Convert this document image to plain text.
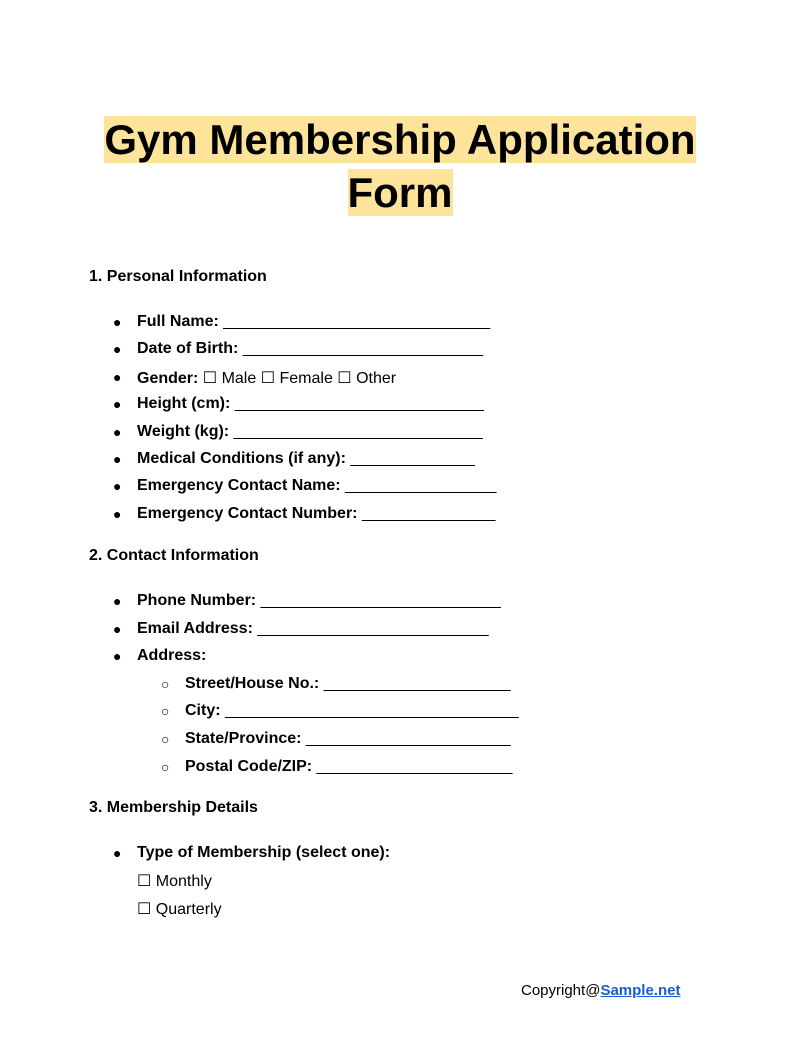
Gym Membership Application
Form
1. Personal Information
● Full Name: ______________________________
● Date of Birth: ___________________________
● Gender: ☐ Male ☐ Female ☐ Other
● Height (cm): ____________________________
● Weight (kg): ____________________________
● Medical Conditions (if any): ______________
● Emergency Contact Name: _________________
● Emergency Contact Number: _______________
2. Contact Information
● Phone Number: ___________________________
● Email Address: __________________________
● Address:
○ Street/House No.: _____________________
○ City: _________________________________
○ State/Province: _______________________
○ Postal Code/ZIP: ______________________
3. Membership Details
● Type of Membership (select one):
☐ Monthly
☐ Quarterly
Copyright@Sample.net
